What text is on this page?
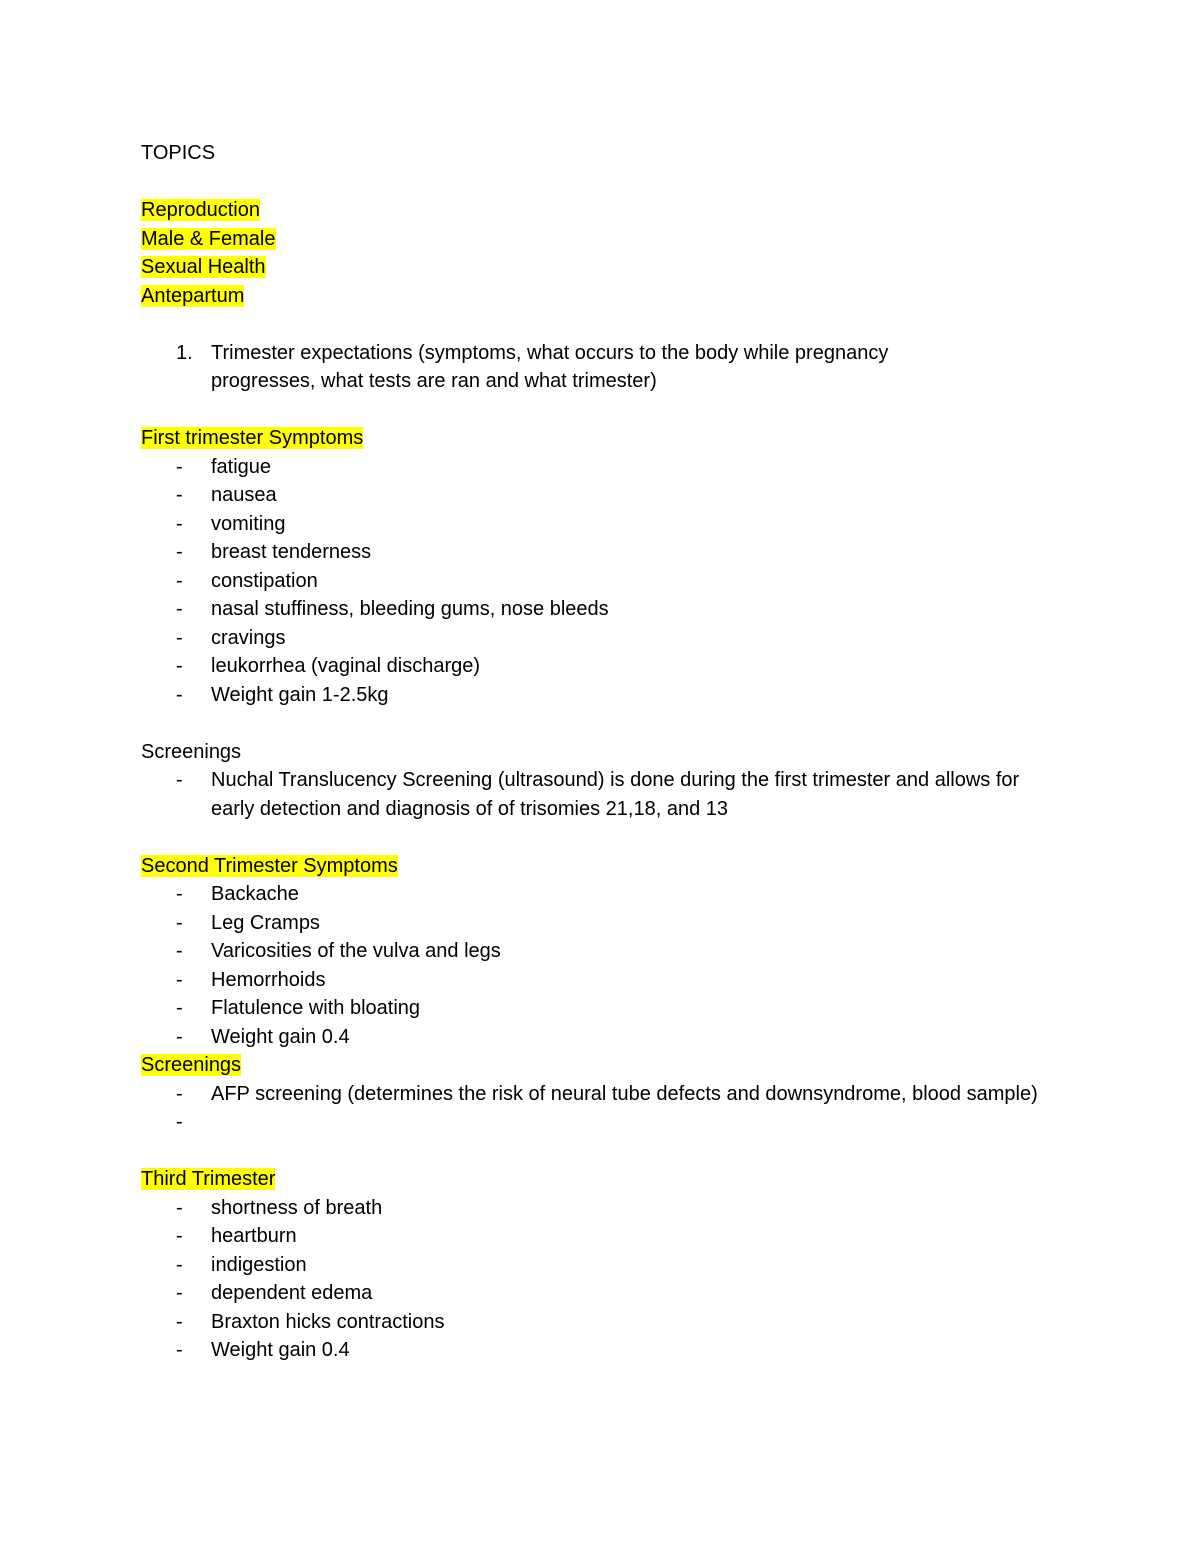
TOPICS
Reproduction
Male & Female
Sexual Health
Antepartum
1. Trimester expectations (symptoms, what occurs to the body while pregnancy progresses, what tests are ran and what trimester)
First trimester Symptoms
-	fatigue
-	nausea
-	vomiting
-	breast tenderness
-	constipation
-	nasal stuffiness, bleeding gums, nose bleeds
-	cravings
-	leukorrhea (vaginal discharge)
-	Weight gain 1-2.5kg
Screenings
-	Nuchal Translucency Screening (ultrasound) is done during the first trimester and allows for early detection and diagnosis of of trisomies 21,18, and 13
Second Trimester Symptoms
-	Backache
-	Leg Cramps
-	Varicosities of the vulva and legs
-	Hemorrhoids
-	Flatulence with bloating
-	Weight gain 0.4
Screenings
-	AFP screening (determines the risk of neural tube defects and downsyndrome, blood sample)
-
Third Trimester
-	shortness of breath
-	heartburn
-	indigestion
-	dependent edema
-	Braxton hicks contractions
-	Weight gain 0.4
